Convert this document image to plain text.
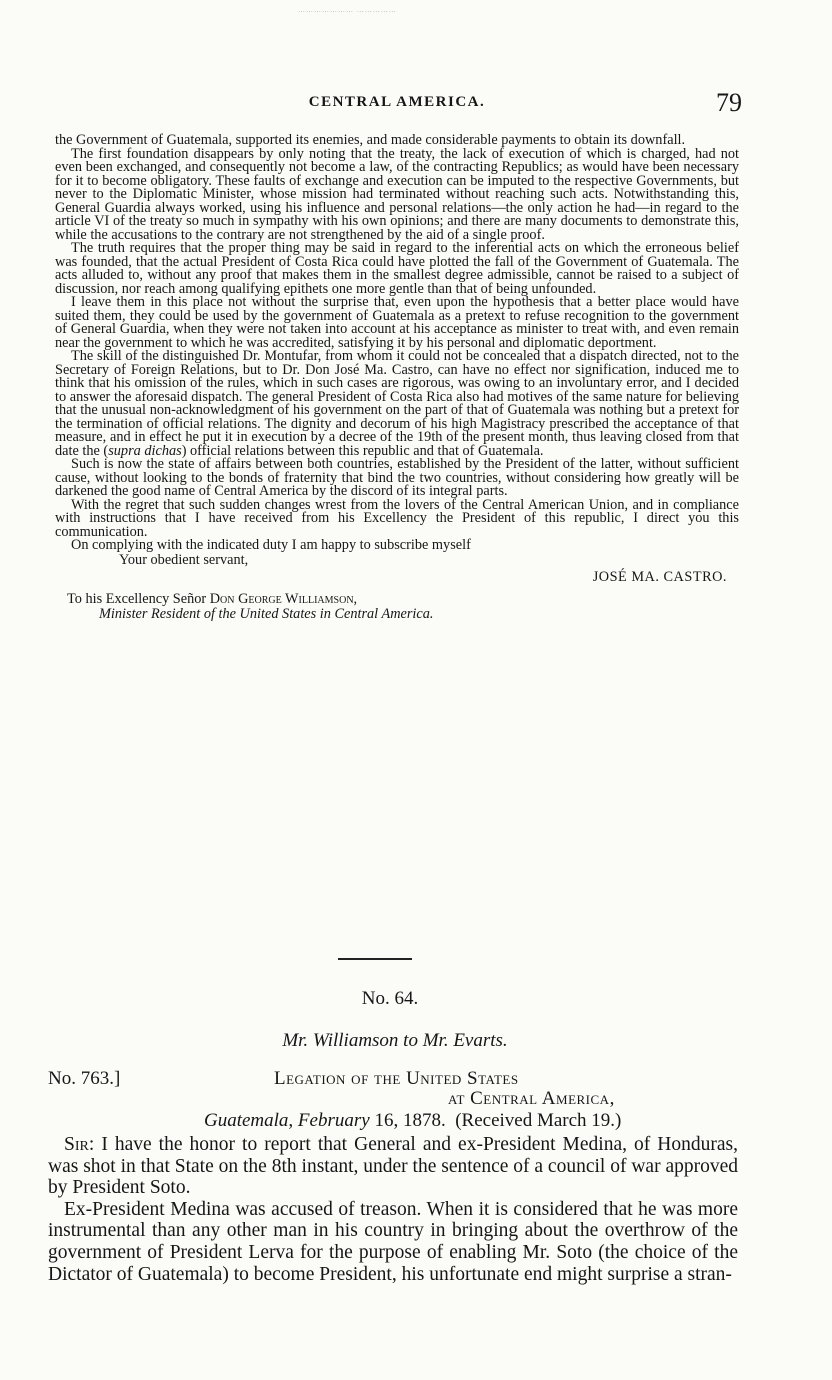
………………… ……………
CENTRAL AMERICA.	79

the Government of Guatemala, supported its enemies, and made considerable payments to obtain its downfall.

The first foundation disappears by only noting that the treaty, the lack of execution of which is charged, had not even been exchanged, and consequently not become a law, of the contracting Republics; as would have been necessary for it to become obligatory. These faults of exchange and execution can be imputed to the respective Governments, but never to the Diplomatic Minister, whose mission had terminated without reaching such acts. Notwithstanding this, General Guardia always worked, using his influence and personal relations—the only action he had—in regard to the article VI of the treaty so much in sympathy with his own opinions; and there are many documents to demonstrate this, while the accusations to the contrary are not strengthened by the aid of a single proof.

The truth requires that the proper thing may be said in regard to the inferential acts on which the erroneous belief was founded, that the actual President of Costa Rica could have plotted the fall of the Government of Guatemala. The acts alluded to, without any proof that makes them in the smallest degree admissible, cannot be raised to a subject of discussion, nor reach among qualifying epithets one more gentle than that of being unfounded.

I leave them in this place not without the surprise that, even upon the hypothesis that a better place would have suited them, they could be used by the government of Guatemala as a pretext to refuse recognition to the government of General Guardia, when they were not taken into account at his acceptance as minister to treat with, and even remain near the government to which he was accredited, satisfying it by his personal and diplomatic deportment.

The skill of the distinguished Dr. Montufar, from whom it could not be concealed that a dispatch directed, not to the Secretary of Foreign Relations, but to Dr. Don José Ma. Castro, can have no effect nor signification, induced me to think that his omission of the rules, which in such cases are rigorous, was owing to an involuntary error, and I decided to answer the aforesaid dispatch. The general President of Costa Rica also had motives of the same nature for believing that the unusual non-acknowledgment of his government on the part of that of Guatemala was nothing but a pretext for the termination of official relations. The dignity and decorum of his high Magistracy prescribed the acceptance of that measure, and in effect he put it in execution by a decree of the 19th of the present month, thus leaving closed from that date the (supra dichas) official relations between this republic and that of Guatemala.

Such is now the state of affairs between both countries, established by the President of the latter, without sufficient cause, without looking to the bonds of fraternity that bind the two countries, without considering how greatly will be darkened the good name of Central America by the discord of its integral parts.

With the regret that such sudden changes wrest from the lovers of the Central American Union, and in compliance with instructions that I have received from his Excellency the President of this republic, I direct you this communication.

On complying with the indicated duty I am happy to subscribe myself

Your obedient servant,

JOSÉ MA. CASTRO.
To his Excellency Señor Don George Williamson,
Minister Resident of the United States in Central America.
No. 64.
Mr. Williamson to Mr. Evarts.
No. 763.]	Legation of the United States
at Central America,
Guatemala, February 16, 1878. (Received March 19.)

Sir: I have the honor to report that General and ex-President Medina, of Honduras, was shot in that State on the 8th instant, under the sentence of a council of war approved by President Soto.

Ex-President Medina was accused of treason. When it is considered that he was more instrumental than any other man in his country in bringing about the overthrow of the government of President Lerva for the purpose of enabling Mr. Soto (the choice of the Dictator of Guatemala) to become President, his unfortunate end might surprise a stran-
